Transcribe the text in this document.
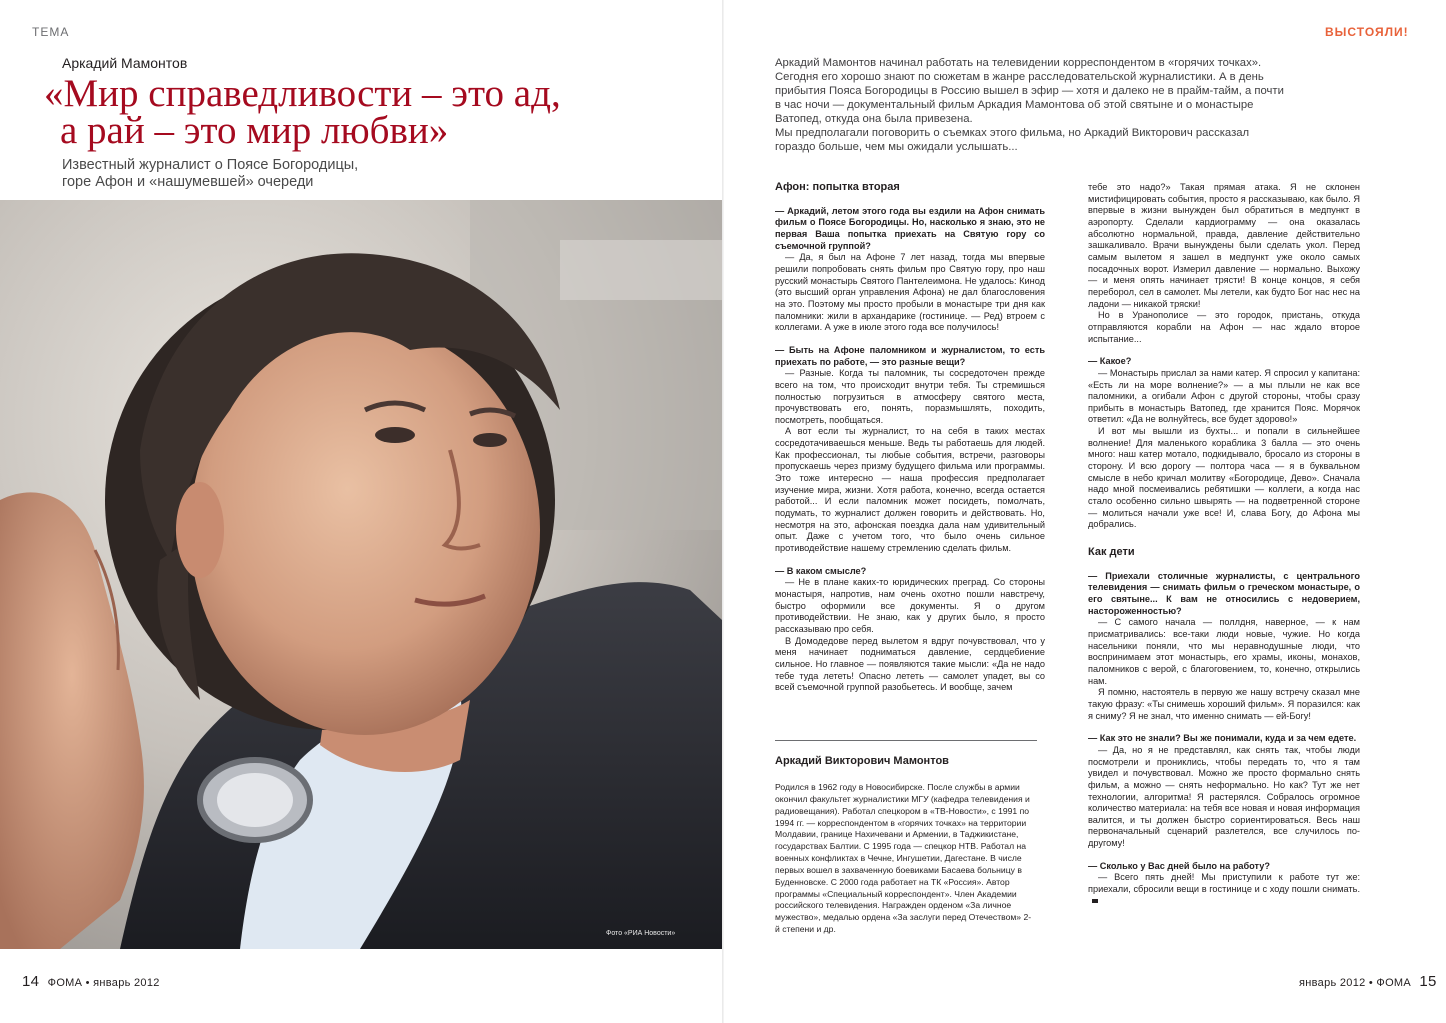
ТЕМА
Аркадий Мамонтов
«Мир справедливости – это ад,
а рай – это мир любви»
Известный журналист о Поясе Богородицы,
горе Афон и «нашумевшей» очереди
Фото «РИА Новости»
14 ФОМА • январь 2012
ВЫСТОЯЛИ!
Аркадий Мамонтов начинал работать на телевидении корреспондентом в «горячих точках». Сегодня его хорошо знают по сюжетам в жанре расследовательской журналистики. А в день прибытия Пояса Богородицы в Россию вышел в эфир — хотя и далеко не в прайм-тайм, а почти в час ночи — документальный фильм Аркадия Мамонтова об этой святыне и о монастыре Ватопед, откуда она была привезена.
Мы предполагали поговорить о съемках этого фильма, но Аркадий Викторович рассказал гораздо больше, чем мы ожидали услышать...
Афон: попытка вторая

— Аркадий, летом этого года вы ездили на Афон снимать фильм о Поясе Богородицы. Но, насколько я знаю, это не первая Ваша попытка приехать на Святую гору со съемочной группой?

— Да, я был на Афоне 7 лет назад, тогда мы впервые решили попробовать снять фильм про Святую гору, про наш русский монастырь Святого Пантелеимона. Не удалось: Кинод (это высший орган управления Афона) не дал благословения на это. Поэтому мы просто пробыли в монастыре три дня как паломники: жили в архандарике (гостинице. — Ред) втроем с коллегами. А уже в июле этого года все получилось!

— Быть на Афоне паломником и журналистом, то есть приехать по работе, — это разные вещи?

— Разные. Когда ты паломник, ты сосредоточен прежде всего на том, что происходит внутри тебя. Ты стремишься полностью погрузиться в атмосферу святого места, прочувствовать его, понять, поразмышлять, походить, посмотреть, пообщаться.

А вот если ты журналист, то на себя в таких местах сосредотачиваешься меньше. Ведь ты работаешь для людей. Как профессионал, ты любые события, встречи, разговоры пропускаешь через призму будущего фильма или программы. Это тоже интересно — наша профессия предполагает изучение мира, жизни. Хотя работа, конечно, всегда остается работой... И если паломник может посидеть, помолчать, подумать, то журналист должен говорить и действовать. Но, несмотря на это, афонская поездка дала нам удивительный опыт. Даже с учетом того, что было очень сильное противодействие нашему стремлению сделать фильм.

— В каком смысле?

— Не в плане каких-то юридических преград. Со стороны монастыря, напротив, нам очень охотно пошли навстречу, быстро оформили все документы. Я о другом противодействии. Не знаю, как у других было, я просто рассказываю про себя.

В Домодедове перед вылетом я вдруг почувствовал, что у меня начинает подниматься давление, сердцебиение сильное. Но главное — появляются такие мысли: «Да не надо тебе туда лететь! Опасно лететь — самолет упадет, вы со всей съемочной группой разобьетесь. И вообще, зачем

Аркадий Викторович Мамонтов
Родился в 1962 году в Новосибирске. После службы в армии окончил факультет журналистики МГУ (кафедра телевидения и радиовещания). Работал спецкором в «ТВ-Новости», с 1991 по 1994 гг. — корреспондентом в «горячих точках» на территории Молдавии, границе Нахичевани и Армении, в Таджикистане, государствах Балтии. С 1995 года — спецкор НТВ. Работал на военных конфликтах в Чечне, Ингушетии, Дагестане. В числе первых вошел в захваченную боевиками Басаева больницу в Буденновске. С 2000 года работает на ТК «Россия». Автор программы «Специальный корреспондент». Член Академии российского телевидения. Награжден орденом «За личное мужество», медалью ордена «За заслуги перед Отечеством» 2-й степени и др.

тебе это надо?» Такая прямая атака. Я не склонен мистифицировать события, просто я рассказываю, как было. Я впервые в жизни вынужден был обратиться в медпункт в аэропорту. Сделали кардиограмму — она оказалась абсолютно нормальной, правда, давление действительно зашкаливало. Врачи вынуждены были сделать укол. Перед самым вылетом я зашел в медпункт уже около самых посадочных ворот. Измерил давление — нормально. Выхожу — и меня опять начинает трясти! В конце концов, я себя переборол, сел в самолет. Мы летели, как будто Бог нас нес на ладони — никакой тряски!

Но в Уранополисе — это городок, пристань, откуда отправляются корабли на Афон — нас ждало второе испытание...

— Какое?

— Монастырь прислал за нами катер. Я спросил у капитана: «Есть ли на море волнение?» — а мы плыли не как все паломники, а огибали Афон с другой стороны, чтобы сразу прибыть в монастырь Ватопед, где хранится Пояс. Морячок ответил: «Да не волнуйтесь, все будет здорово!»

И вот мы вышли из бухты... и попали в сильнейшее волнение! Для маленького кораблика 3 балла — это очень много: наш катер мотало, подкидывало, бросало из стороны в сторону. И всю дорогу — полтора часа — я в буквальном смысле в небо кричал молитву «Богородице, Дево». Сначала надо мной посмеивались ребятишки — коллеги, а когда нас стало особенно сильно швырять — на подветренной стороне — молиться начали уже все! И, слава Богу, до Афона мы добрались.

Как дети

— Приехали столичные журналисты, с центрального телевидения — снимать фильм о греческом монастыре, о его святыне... К вам не относились с недоверием, настороженностью?

— С самого начала — поллдня, наверное, — к нам присматривались: все-таки люди новые, чужие. Но когда насельники поняли, что мы неравнодушные люди, что воспринимаем этот монастырь, его храмы, иконы, монахов, паломников с верой, с благоговением, то, конечно, открылись нам.

Я помню, настоятель в первую же нашу встречу сказал мне такую фразу: «Ты снимешь хороший фильм». Я поразился: как я сниму? Я не знал, что именно снимать — ей-Богу!

— Как это не знали? Вы же понимали, куда и за чем едете.

— Да, но я не представлял, как снять так, чтобы люди посмотрели и прониклись, чтобы передать то, что я там увидел и почувствовал. Можно же просто формально снять фильм, а можно — снять неформально. Но как? Тут же нет технологии, алгоритма! Я растерялся. Собралось огромное количество материала: на тебя все новая и новая информация валится, и ты должен быстро сориентироваться. Весь наш первоначальный сценарий разлетелся, все случилось по-другому!

— Сколько у Вас дней было на работу?

— Всего пять дней! Мы приступили к работе тут же: приехали, сбросили вещи в гостинице и с ходу пошли снимать.

январь 2012 • ФОМА 15
